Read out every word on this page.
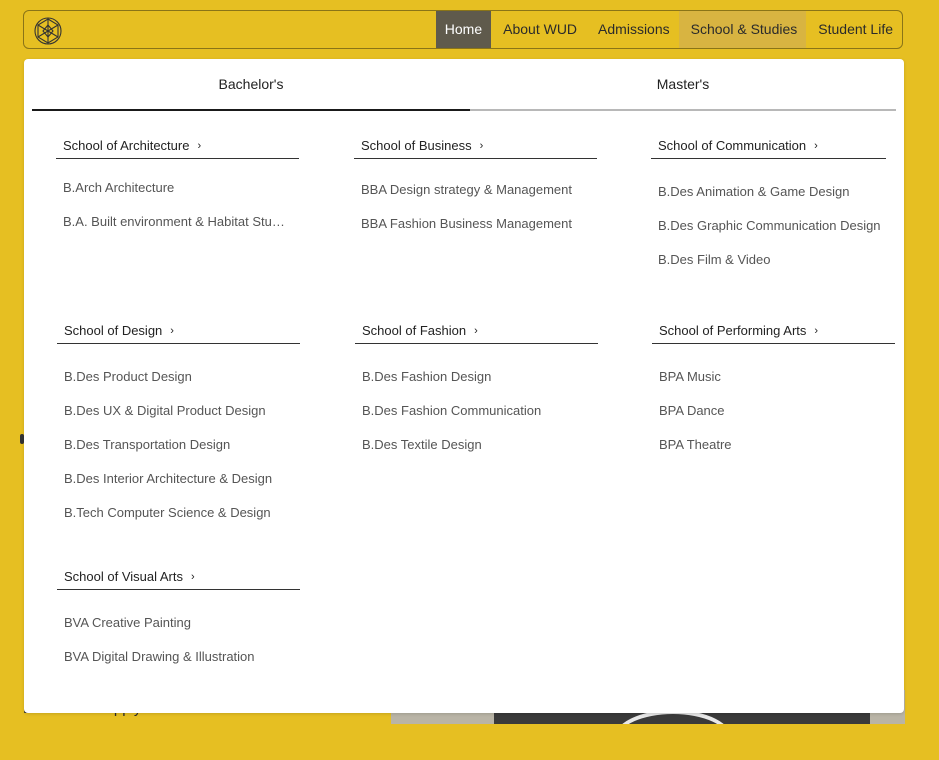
Home	About WUD	Admissions	School & Studies	Student Life
Bachelor's	Master's
School of Architecture ›
B.Arch Architecture
B.A. Built environment & Habitat Stu…
School of Business ›
BBA Design strategy & Management
BBA Fashion Business Management
School of Communication ›
B.Des Animation & Game Design
B.Des Graphic Communication Design
B.Des Film & Video
School of Design ›
B.Des Product Design
B.Des UX & Digital Product Design
B.Des Transportation Design
B.Des Interior Architecture & Design
B.Tech Computer Science & Design
School of Fashion ›
B.Des Fashion Design
B.Des Fashion Communication
B.Des Textile Design
School of Performing Arts ›
BPA Music
BPA Dance
BPA Theatre
School of Visual Arts ›
BVA Creative Painting
BVA Digital Drawing & Illustration
